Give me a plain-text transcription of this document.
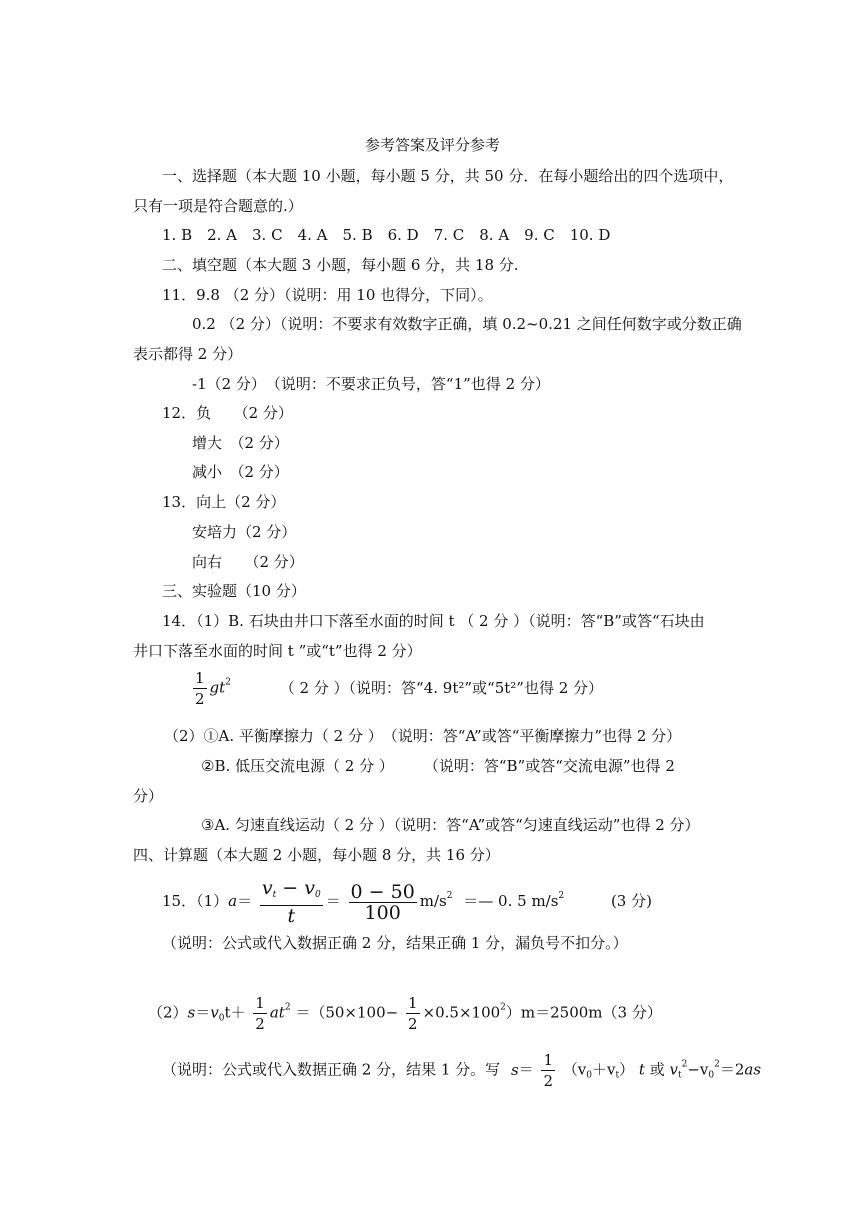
参考答案及评分参考
一、选择题（本大题 10 小题，每小题 5 分，共 50 分．在每小题给出的四个选项中，
只有一项是符合题意的.）
1. B　2. A　3. C　4. A　5. B　6. D　7. C　8. A　9. C　10. D
二、填空题（本大题 3 小题，每小题 6 分，共 18 分.
11．9.8 （2 分）（说明：用 10 也得分，下同）。
0.2 （2 分）（说明：不要求有效数字正确，填 0.2~0.21 之间任何数字或分数正确
表示都得 2 分）
-1（2 分）　（说明：不要求正负号，答“1”也得 2 分）
12．负　　（2 分）
增大　（2 分）
减小　（2 分）
13．向上（2 分）
安培力（2 分）
向右　　（2 分）
三、实验题（10 分）
14．（1）B. 石块由井口下落至水面的时间 t （ 2 分 ）（说明：答“B”或答“石块由
井口下落至水面的时间 t ”或“t”也得 2 分）
$\frac{1}{2} gt^2$	（ 2 分 ）（说明：答“4. 9t²”或“5t²”也得 2 分）
（2）①A. 平衡摩擦力（ 2 分 ）　（说明：答“A”或答“平衡摩擦力”也得 2 分）
②B. 低压交流电源（ 2 分 ）　　　（说明：答“B”或答“交流电源”也得 2
分）
③A. 匀速直线运动（ 2 分 ）（说明：答“A”或答“匀速直线运动”也得 2 分）
四、计算题（本大题 2 小题，每小题 8 分，共 16 分）
15．$(1)a= \frac{v_t - v_0}{t} = \frac{0 - 50}{100} m/s^2$ ＝— 0. 5 $m/s^2$	(3 分)
（说明：公式或代入数据正确 2 分，结果正确 1 分，漏负号不扣分。）
$(2)s=v_0t+ \frac{1}{2} at^2 =(50\times 100- \frac{1}{2} \times 0.5\times 100^2)m=2500m(3$ 分）
（说明：公式或代入数据正确 2 分，结果 1 分。写 $s= \frac{1}{2} (v_0+v_t)$ t 或 $v_t^2-v_0^2=2as$
